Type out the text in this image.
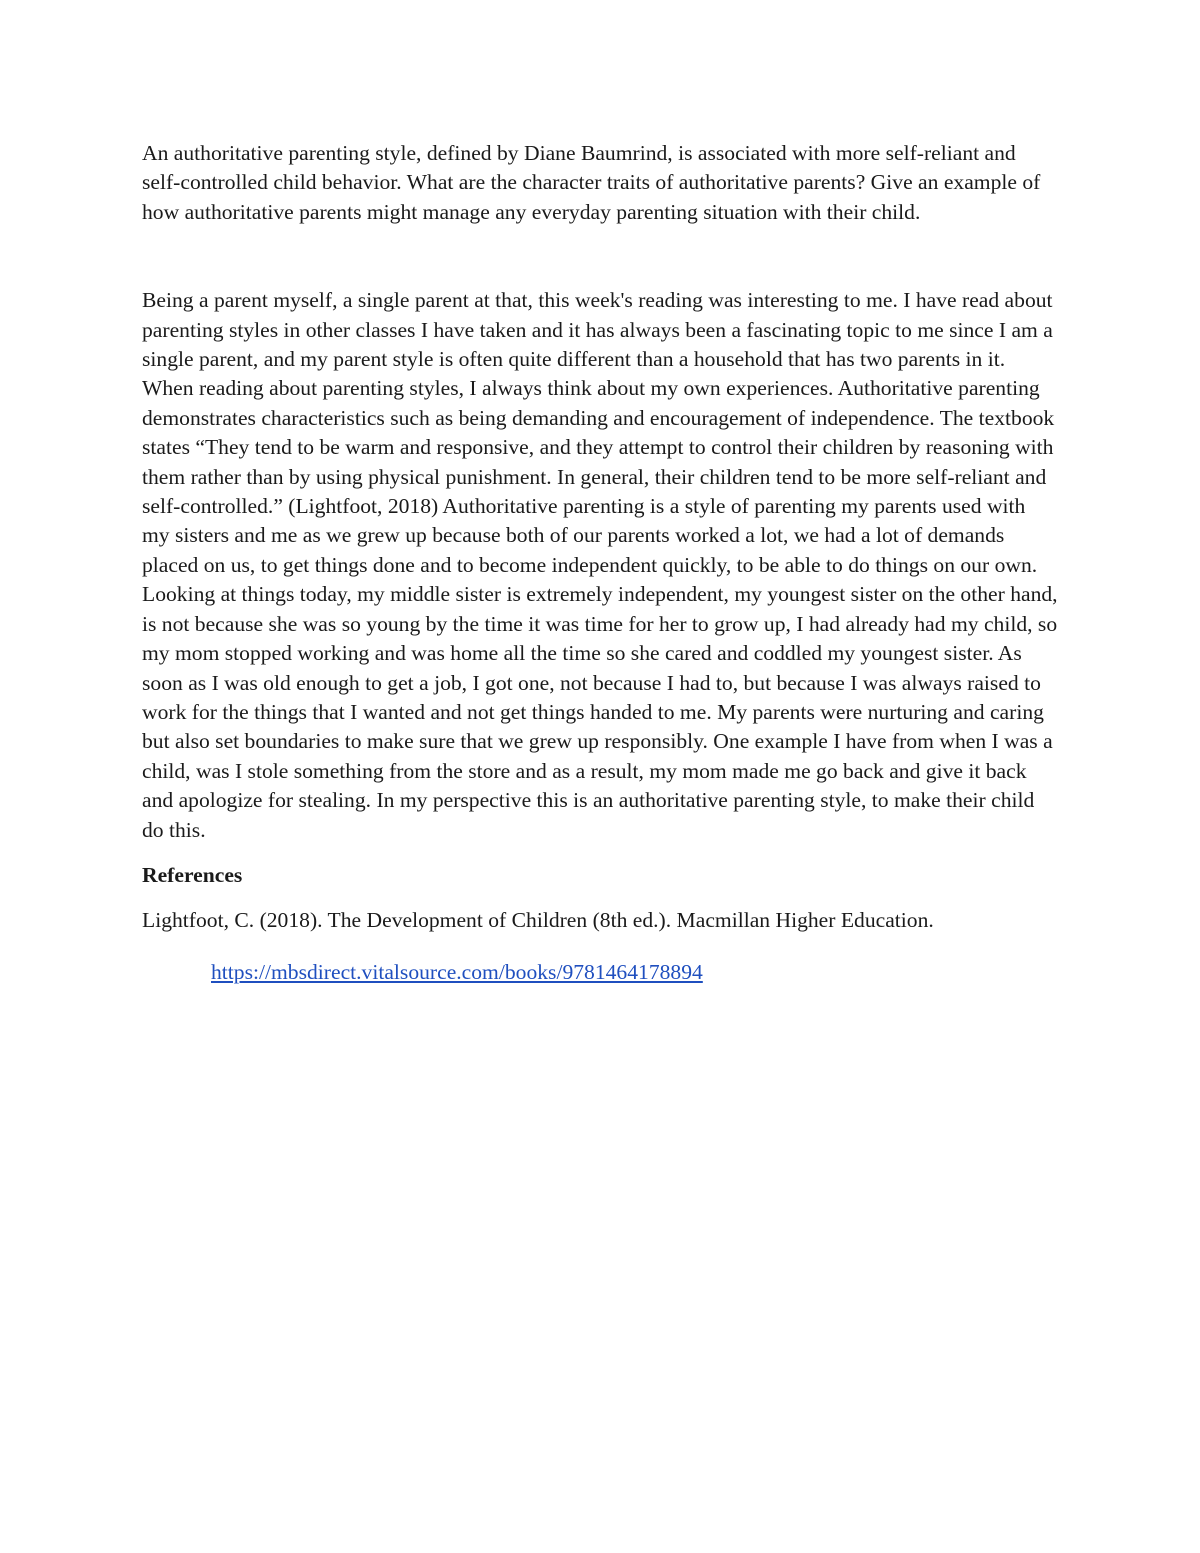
An authoritative parenting style, defined by Diane Baumrind, is associated with more self-reliant and self-controlled child behavior. What are the character traits of authoritative parents? Give an example of how authoritative parents might manage any everyday parenting situation with their child.

Being a parent myself, a single parent at that, this week's reading was interesting to me. I have read about parenting styles in other classes I have taken and it has always been a fascinating topic to me since I am a single parent, and my parent style is often quite different than a household that has two parents in it. When reading about parenting styles, I always think about my own experiences. Authoritative parenting demonstrates characteristics such as being demanding and encouragement of independence. The textbook states “They tend to be warm and responsive, and they attempt to control their children by reasoning with them rather than by using physical punishment. In general, their children tend to be more self-reliant and self-controlled.” (Lightfoot, 2018) Authoritative parenting is a style of parenting my parents used with my sisters and me as we grew up because both of our parents worked a lot, we had a lot of demands placed on us, to get things done and to become independent quickly, to be able to do things on our own. Looking at things today, my middle sister is extremely independent, my youngest sister on the other hand, is not because she was so young by the time it was time for her to grow up, I had already had my child, so my mom stopped working and was home all the time so she cared and coddled my youngest sister. As soon as I was old enough to get a job, I got one, not because I had to, but because I was always raised to work for the things that I wanted and not get things handed to me. My parents were nurturing and caring but also set boundaries to make sure that we grew up responsibly. One example I have from when I was a child, was I stole something from the store and as a result, my mom made me go back and give it back and apologize for stealing. In my perspective this is an authoritative parenting style, to make their child do this.

References
Lightfoot, C. (2018). The Development of Children (8th ed.). Macmillan Higher Education.
https://mbsdirect.vitalsource.com/books/9781464178894
